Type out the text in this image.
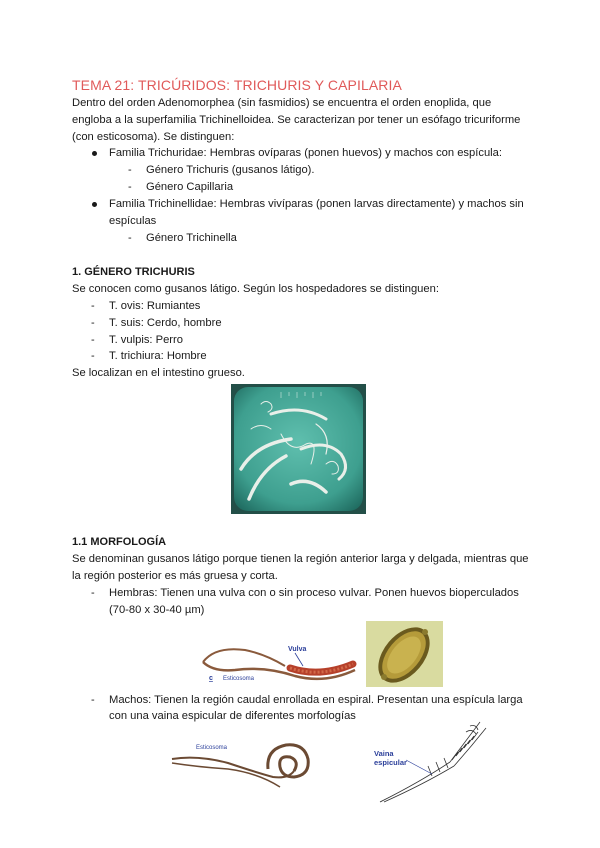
TEMA 21: TRICÚRIDOS: TRICHURIS Y CAPILARIA
Dentro del orden Adenomorphea (sin fasmidios) se encuentra el orden enoplida, que
engloba a la superfamilia Trichinelloidea. Se caracterizan por tener un esófago tricuriforme
(con esticosoma). Se distinguen:
Familia Trichuridae: Hembras ovíparas (ponen huevos) y machos con espícula:
- Género Trichuris (gusanos látigo).
- Género Capillaria
Familia Trichinellidae: Hembras vivíparas (ponen larvas directamente) y machos sin
espículas
- Género Trichinella
1. GÉNERO TRICHURIS
Se conocen como gusanos látigo. Según los hospedadores se distinguen:
- T. ovis: Rumiantes
- T. suis: Cerdo, hombre
- T. vulpis: Perro
- T. trichiura: Hombre
Se localizan en el intestino grueso.
1.1 MORFOLOGÍA
Se denominan gusanos látigo porque tienen la región anterior larga y delgada, mientras que
la región posterior es más gruesa y corta.
- Hembras: Tienen una vulva con o sin proceso vulvar. Ponen huevos bioperculados
(70-80 x 30-40 µm)
Vulva
Esticosoma
c
- Machos: Tienen la región caudal enrollada en espiral. Presentan una espícula larga
con una vaina espicular de diferentes morfologías
Esticosoma
Vaina
espicular
